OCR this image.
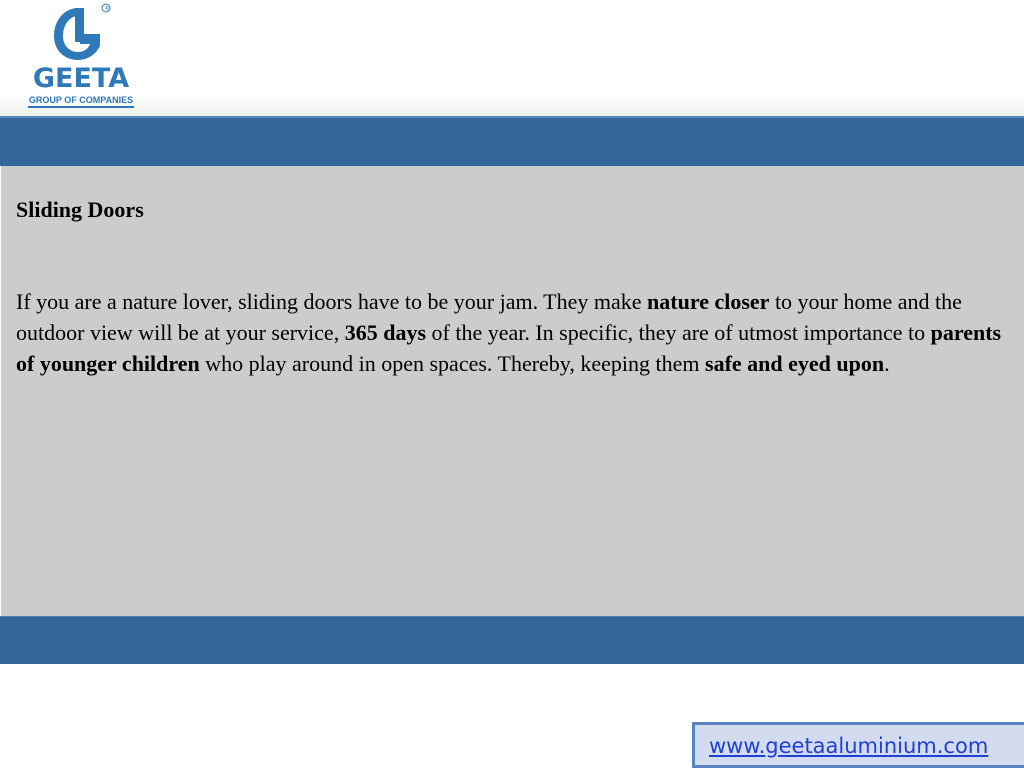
®
GEETA
GROUP OF COMPANIES
Sliding Doors

If you are a nature lover, sliding doors have to be your jam. They make nature closer to your home and the outdoor view will be at your service, 365 days of the year. In specific, they are of utmost importance to parents of younger children who play around in open spaces. Thereby, keeping them safe and eyed upon.

www.geetaaluminium.com
